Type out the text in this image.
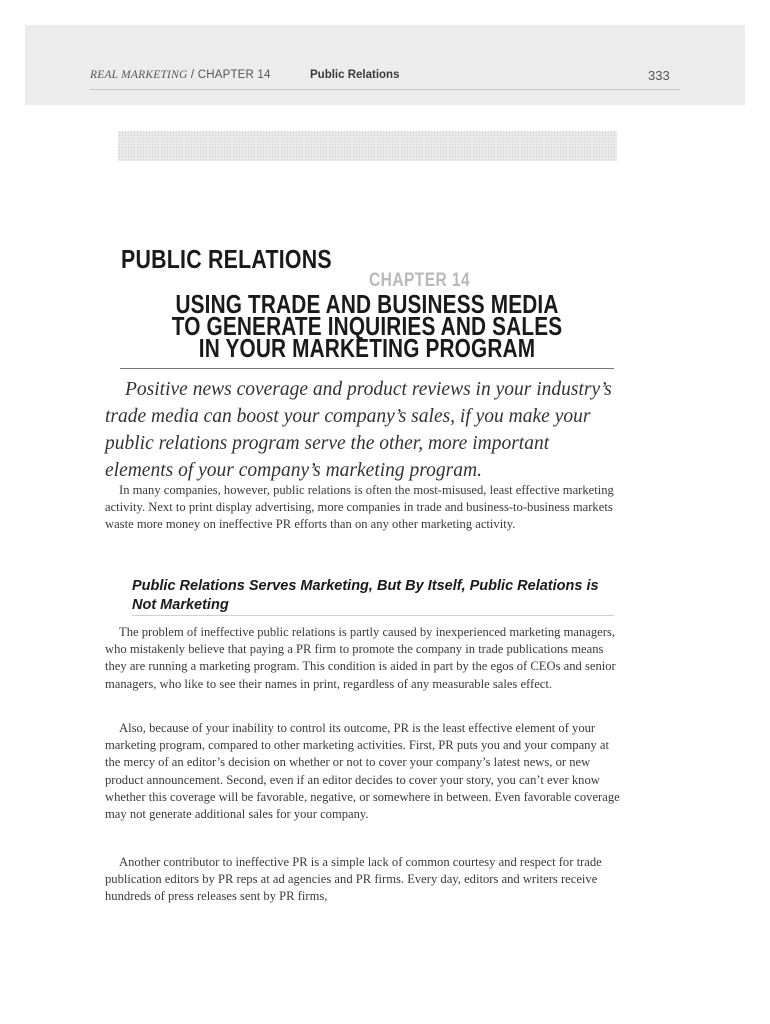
REAL MARKETING / CHAPTER 14	Public Relations	333
PUBLIC RELATIONS
CHAPTER 14
USING TRADE AND BUSINESS MEDIA
TO GENERATE INQUIRIES AND SALES
IN YOUR MARKETING PROGRAM

Positive news coverage and product reviews in your industry’s trade media can boost your company’s sales, if you make your public relations program serve the other, more important elements of your company’s marketing program.

In many companies, however, public relations is often the most-misused, least effective marketing activity. Next to print display advertising, more companies in trade and business-to-business markets waste more money on ineffective PR efforts than on any other marketing activity.

Public Relations Serves Marketing, But By Itself, Public Relations is Not Marketing

The problem of ineffective public relations is partly caused by inexperienced marketing managers, who mistakenly believe that paying a PR firm to promote the company in trade publications means they are running a marketing program. This condition is aided in part by the egos of CEOs and senior managers, who like to see their names in print, regardless of any measurable sales effect.

Also, because of your inability to control its outcome, PR is the least effective element of your marketing program, compared to other marketing activities. First, PR puts you and your company at the mercy of an editor’s decision on whether or not to cover your company’s latest news, or new product announcement. Second, even if an editor decides to cover your story, you can’t ever know whether this coverage will be favorable, negative, or somewhere in between. Even favorable coverage may not generate additional sales for your company.

Another contributor to ineffective PR is a simple lack of common courtesy and respect for trade publication editors by PR reps at ad agencies and PR firms. Every day, editors and writers receive hundreds of press releases sent by PR firms,
